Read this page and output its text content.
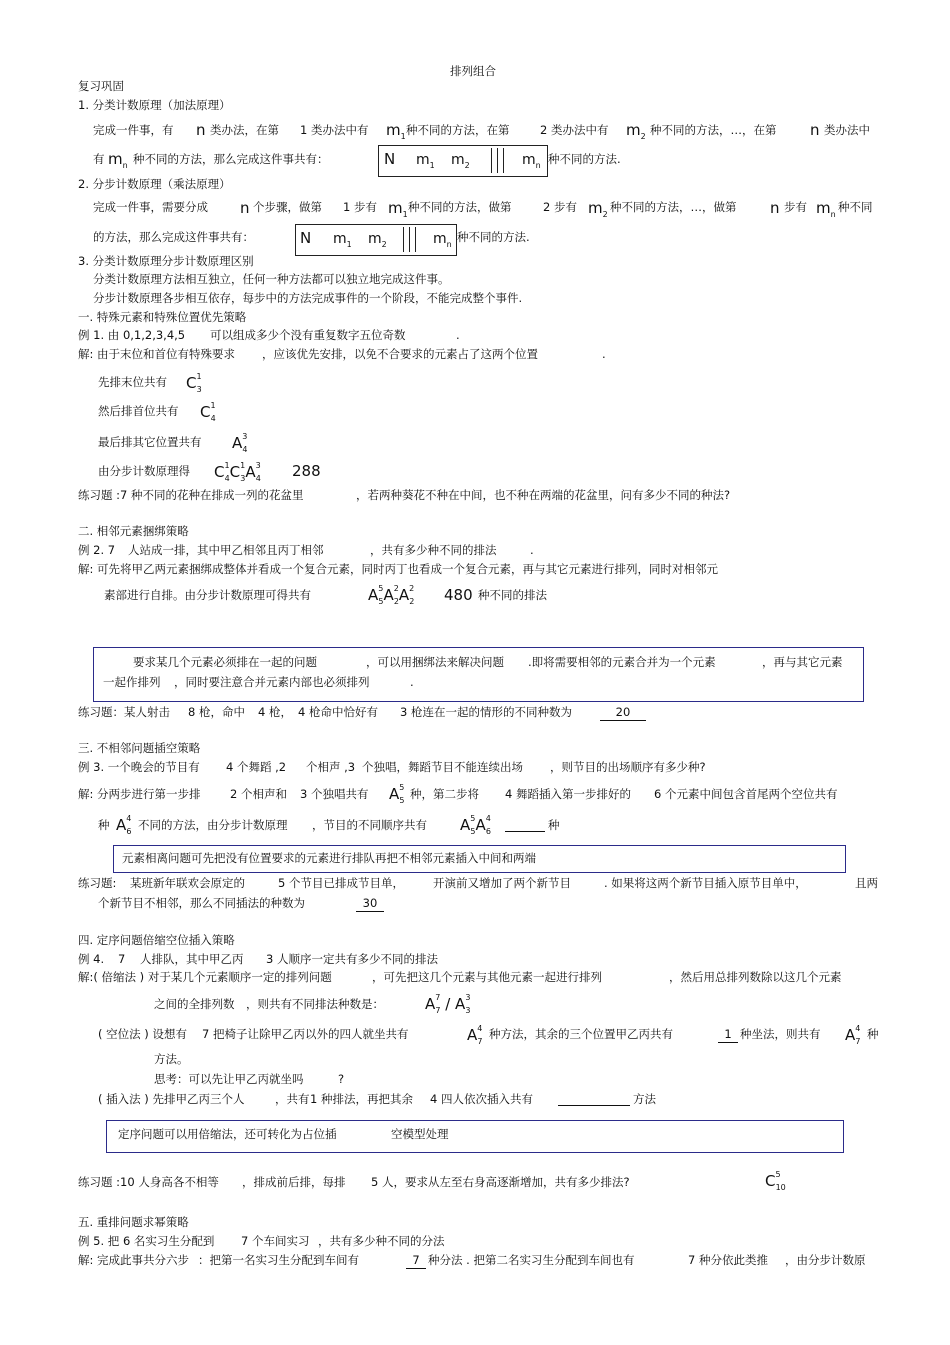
排列组合
复习巩固
1. 分类计数原理（加法原理）
完成一件事，有 n 类办法，在第 1 类办法中有 $m_1$ 种不同的方法，在第	2 类办法中有 $m_2$ 种不同的方法，…，在第 n 类办法中
有 $m_n$ 种不同的方法，那么完成这件事共有：	N $m_1$ $m_2$	$m_n$ 种不同的方法.
2. 分步计数原理（乘法原理）
完成一件事，需要分成 n 个步骤，做第 1 步有 $m_1$
种不同的方法，做第	2 步有 $m_2$
种不同的方法，…，做第 n 步有 $m_n$
种不同
的方法，那么完成这件事共有：	N $m_1$ $m_2$	$m_n$
种不同的方法.
3. 分类计数原理分步计数原理区别
分类计数原理方法相互独立，任何一种方法都可以独立地完成这件事。
分步计数原理各步相互依存，每步中的方法完成事件的一个阶段，不能完成整个事件.
一. 特殊元素和特殊位置优先策略
例 1. 由 0,1,2,3,4,5 可以组成多少个没有重复数字五位奇数	.
解: 由于末位和首位有特殊要求 ，应该优先安排，以免不合要求的元素占了这两个位置	.
先排末位共有 $C^1_3$
然后排首位共有 $C^1_4$
最后排其它位置共有 $A^3_4$
由分步计数原理得 $C^1_4C^1_3A^3_4$ 288
练习题 :7 种不同的花种在排成一列的花盆里	，若两种葵花不种在中间，也不种在两端的花盆里，问有多少不同的种法?
二. 相邻元素捆绑策略
例 2. 7 人站成一排，其中甲乙相邻且丙丁相邻	，共有多少种不同的排法	.
解: 可先将甲乙两元素捆绑成整体并看成一个复合元素，同时丙丁也看成一个复合元素，再与其它元素进行排列，同时对相邻元
素部进行自排。由分步计数原理可得共有	$A^5_5A^2_2A^2_2$ 480 种不同的排法
要求某几个元素必须排在一起的问题	，可以用捆绑法来解决问题 .即将需要相邻的元素合并为一个元素	，再与其它元素
一起作排列 ，同时要注意合并元素内部也必须排列	.
练习题：某人射击 8 枪，命中 4 枪， 4 枪命中恰好有 3 枪连在一起的情形的不同种数为	20
三. 不相邻问题插空策略
例 3. 一个晚会的节目有 4 个舞蹈 ,2 个相声 ,3 个独唱，舞蹈节目不能连续出场 ，则节目的出场顺序有多少种?
解: 分两步进行第一步排	2 个相声和 3 个独唱共有 $A^5_5$ 种，第二步将 4 舞蹈插入第一步排好的 6 个元素中间包含首尾两个空位共有
种 $A^4_6$ 不同的方法，由分步计数原理 ，节目的不同顺序共有 $A^5_5A^4_6$	种
元素相离问题可先把没有位置要求的元素进行排队再把不相邻元素插入中间和两端
练习题: 某班新年联欢会原定的	5 个节目已排成节目单，	开演前又增加了两个新节目	. 如果将这两个新节目插入原节目单中，	且两
个新节目不相邻，那么不同插法的种数为	30
四. 定序问题倍缩空位插入策略
例 4. 7 人排队，其中甲乙丙 3 人顺序一定共有多少不同的排法
解:( 倍缩法 ) 对于某几个元素顺序一定的排列问题	，可先把这几个元素与其他元素一起进行排列	，然后用总排列数除以这几个元素
之间的全排列数 ，则共有不同排法种数是：	$A^7_7 / A^3_3$
( 空位法 ) 设想有 7 把椅子让除甲乙丙以外的四人就坐共有	$A^4_7$
种方法，其余的三个位置甲乙丙共有	1 种坐法，则共有 $A^4_7$
种
方法。
思考：可以先让甲乙丙就坐吗	?
( 插入法 ) 先排甲乙丙三个人	，共有 1 种排法，再把其余 4 四人依次插入共有	方法
定序问题可以用倍缩法，还可转化为占位插	空模型处理
练习题 :10 人身高各不相等 ，排成前后排，每排 5 人，要求从左至右身高逐渐增加，共有多少排法?	$C^5_{10}$
五. 重排问题求幂策略
例 5. 把 6 名实习生分配到 7 个车间实习 ，共有多少种不同的分法
解: 完成此事共分六步 ：把第一名实习生分配到车间有	7 种分法 . 把第二名实习生分配到车间也有	7 种分依此类推 ，由分步计数原
